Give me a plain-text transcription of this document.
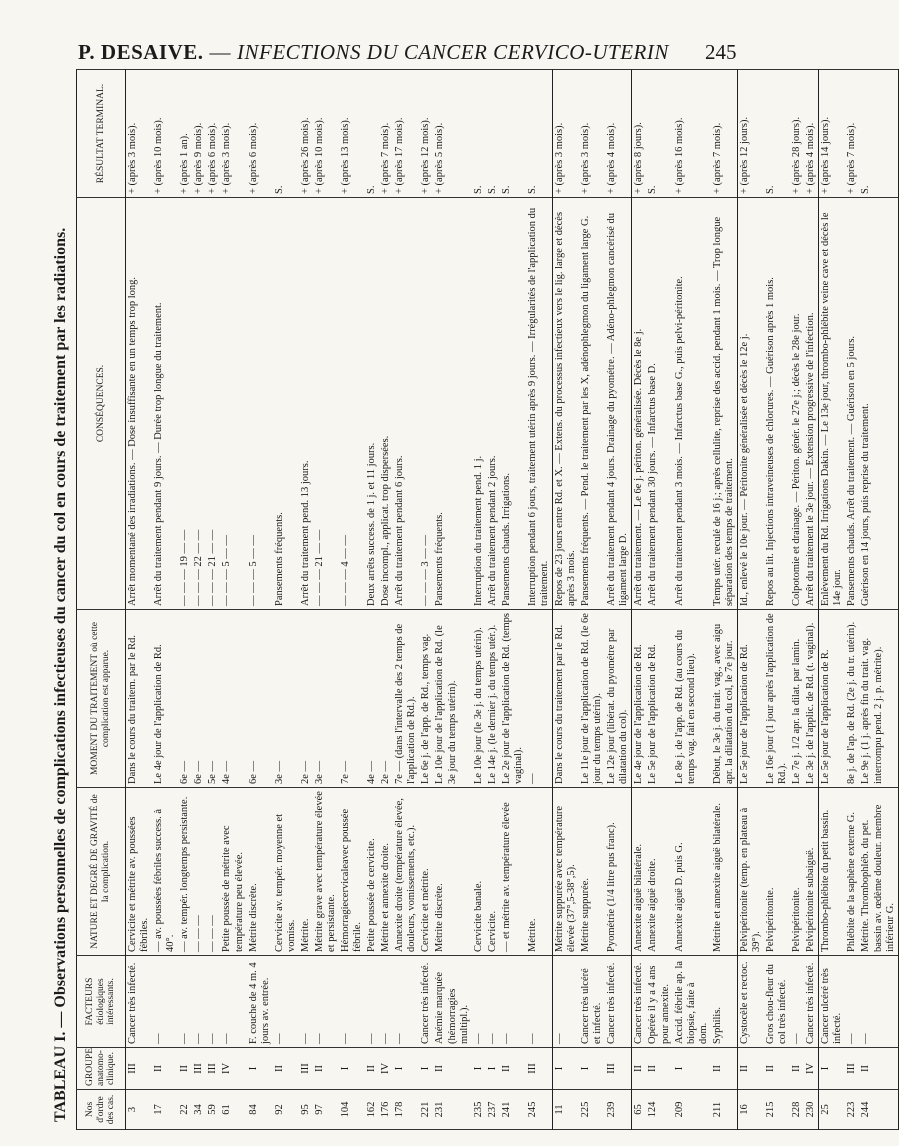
P. DESAIVE. — INFECTIONS DU CANCER CERVICO-UTERIN 245
TABLEAU I. — Observations personnelles de complications infectieuses du cancer du col en cours de traitement par les radiations.	Nos d'ordre des cas.	GROUPE anatomo-clinique.	FACTEURS étiologiques intéressants.	NATURE ET DEGRÉ DE GRAVITÉ de la complication.	MOMENT DU TRAITEMENT où cette complication est apparue.	CONSÉQUENCES.	RÉSULTAT TERMINAL.
3	III	Cancer très infecté.	Cervicite et métrite av. poussées fébriles.	Dans le cours du traitem. par le Rd.	Arrêt momentané des irradiations. — Dose insuffisante en un temps trop long.	+ (après 3 mois).
17	II	—	— av. poussées fébriles success. à 40°.	Le 4e jour de l'application de Rd.	Arrêt du traitement pendant 9 jours. — Durée trop longue du traitement.	+ (après 10 mois).
22	II	—	— av. tempér. longtemps persistante.	6e —	— — — 19 — —	+ (après 1 an).
34	III	—	— — —	6e —	— — — 22 — —	+ (après 9 mois).
59	III	—	— — —	5e —	— — — 21 — —	+ (après 6 mois).
61	IV	—	Petite poussée de métrite avec température peu élevée.	4e —	— — — 5 — —	+ (après 3 mois).
84	I	F. couche de 4 m. 4 jours av. entrée.	Métrite discrète.	6e —	— — — 5 — —	+ (après 6 mois).
92	II	—	Cervicite av. tempér. moyenne et vomiss.	3e —	Pansements fréquents.	S.
95	III	—	Métrite.	2e —	Arrêt du traitement pend. 13 jours.	+ (après 26 mois).
97	II	—	Métrite grave avec température élevée et persistante.	3e —	— — — 21 — —	+ (après 10 mois).
104	I	—	Hémorragiecervicaleavec poussée fébrile.	7e —	— — — 4 — —	+ (après 13 mois).
162	II	—	Petite poussée de cervicite.	4e —	Deux arrêts success. de 1 j. et 11 jours.	S.
176	IV	—	Métrite et annexite droite.	2e —	Dose incompl., applicat. trop dispersées.	+ (après 7 mois).
178	I	—	Annexite droite (température élevée, douleurs, vomissements, etc.).	7e — (dans l'intervalle des 2 temps de l'application de Rd.).	Arrêt du traitement pendant 6 jours.	+ (après 17 mois).
221	I	Cancer très infecté.	Cervicite et métrite.	Le 6e j. de l'app. de Rd., temps vag.	— — — 3 — —	+ (après 12 mois).
231	II	Anémie marquée (hémorragies multipl.).	Métrite discrète.	Le 10e jour de l'application de Rd. (le 3e jour du temps utérin).	Pansements fréquents.	+ (après 5 mois).
235	I	—	Cervicite banale.	Le 10e jour (le 3e j. du temps utérin).	Interruption du traitement pend. 1 j.	S.
237	I	—	Cervicite.	Le 14e j. (le dernier j. du temps utér.).	Arrêt du traitement pendant 2 jours.	S.
241	II	—	— et métrite av. température élevée	Le 2e jour de l'application de Rd. (temps vaginal).	Pansements chauds. Irrigations.	S.
245	III	—	Métrite.	—	Interruption pendant 6 jours, traitement utérin après 9 jours. — Irrégularités de l'application du traitement.	S.
11	I	—	Métrite suppurée avec température élevée (37°,5-38°,5).	Dans le cours du traitement par le Rd.	Repos de 23 jours entre Rd. et X. — Extens. du processus infectieux vers le lig. large et décès après 3 mois.	+ (après 3 mois).
225	I	Cancer très ulcéré et infecté.	Métrite suppurée.	Le 11e jour de l'application de Rd. (le 6e jour du temps utérin).	Pansements fréquents. — Pend. le traitement par les X, adénophlegmon du ligament large G.	+ (après 3 mois).
239	III	Cancer très infecté.	Pyométrie (1/4 litre pus franc).	Le 12e jour (libérat. du pyométre par dilatation du col).	Arrêt du traitement pendant 4 jours. Drainage du pyométre. — Adéno-phlegmon cancérisé du ligament large D.	+ (après 4 mois).
65	II	Cancer très infecté.	Annexite aiguë bilatérale.	Le 4e jour de l'application de Rd.	Arrêt du traitement. — Le 6e j. périton. généralisée. Décès le 8e j.	+ (après 8 jours).
124	II	Opérée il y a 4 ans pour annexite.	Annexite aiguë droite.	Le 5e jour de l'application de Rd.	Arrêt du traitement pendant 30 jours. — Infarctus base D.	S.
209	I	Accid. fébrile ap. la biopsie, faite à dom.	Annexite aiguë D. puis G.	Le 8e j. de l'app. de Rd. (au cours du temps vag. fait en second lieu).	Arrêt du traitement pendant 3 mois. — Infarctus base G., puis pelvi-péritonite.	+ (après 16 mois).
211	II	Syphilis.	Métrite et annexite aiguë bilatérale.	Début, le 3e j. du trait. vag., avec aigu apr. la dilatation du col, le 7e jour.	Temps utér. reculé de 16 j.; après cellulite, reprise des accid. pendant 1 mois. — Trop longue séparation des temps de traitement.	+ (après 7 mois).
16	II	Cystocèle et rectoc.	Pelvipéritonite (temp. en plateau à 39°).	Le 5e jour de l'application de Rd.	Id., enlevé le 10e jour. — Péritonite généralisée et décès le 12e j.	+ (après 12 jours).
215	II	Gros chou-fleur du col très infecté.	Pelvipéritonite.	Le 16e jour (1 jour après l'application de Rd.).	Repos au lit. Injections intraveineuses de chlorures. — Guérison après 1 mois.	S.
228	II	—	Pelvipéritonite.	Le 7e j. 1/2 apr. la dilat. par lamin.	Colpotomie et drainage. — Périton. génér. le 27e j.; décès le 28e jour.	+ (après 28 jours).
230	IV	Cancer très infecté.	Pelvipéritonite subaiguë.	Le 3e j. de l'applic. de Rd. (t. vaginal).	Arrêt du traitement le 3e jour. — Extension progressive de l'infection.	+ (après 4 mois).
25	I	Cancer ulcéré très infecté.	Thrombo-phlébite du petit bassin.	Le 5e jour de l'application de R.	Enlèvement du Rd. Irrigations Dakin. — Le 13e jour, thrombo-phlébite veine cave et décès le 14e jour.	+ (après 14 jours).
223	III	—	Phlébite de la saphène externe G.	8e j. de l'ap. de Rd. (2e j. du tr. utérin).	Pansements chauds. Arrêt du traitement. — Guérison en 5 jours.	+ (après 7 mois).
244	II	—	Métrite. Thrombophléb. du pet. bassin av. œdème douleur. membre inférieur G.	Le 9e j. (1 j. après fin du trait. vag. interrompu pend. 2 j. p. métrite).	Guérison en 14 jours, puis reprise du traitement.	S.
